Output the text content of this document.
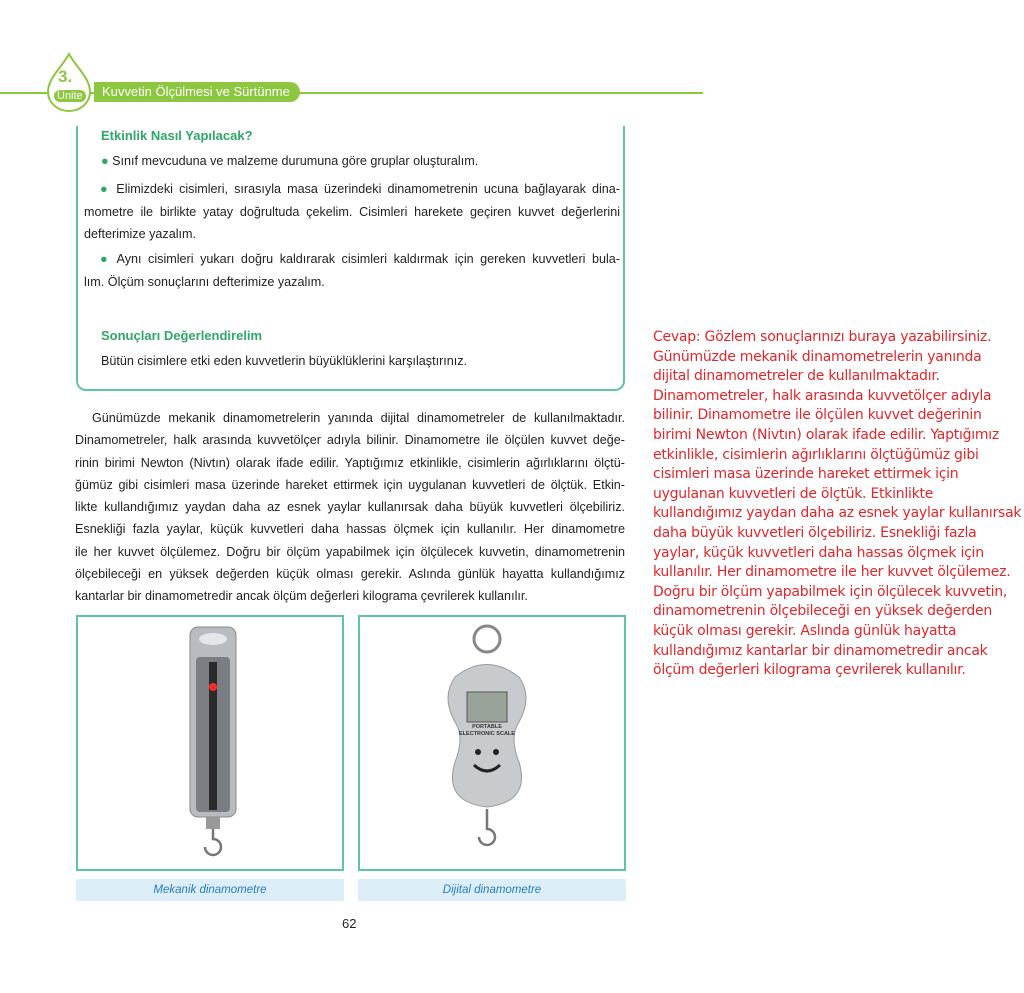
3.
Ünite	Kuvvetin Ölçülmesi ve Sürtünme
Etkinlik Nasıl Yapılacak?
● Sınıf mevcuduna ve malzeme durumuna göre gruplar oluşturalım.
● Elimizdeki cisimleri, sırasıyla masa üzerindeki dinamometrenin ucuna bağlayarak dina-
mometre ile birlikte yatay doğrultuda çekelim. Cisimleri harekete geçiren kuvvet değerlerini
defterimize yazalım.
● Aynı cisimleri yukarı doğru kaldırarak cisimleri kaldırmak için gereken kuvvetleri bula-
lım. Ölçüm sonuçlarını defterimize yazalım.
Sonuçları Değerlendirelim
Bütün cisimlere etki eden kuvvetlerin büyüklüklerini karşılaştırınız.
Günümüzde mekanik dinamometrelerin yanında dijital dinamometreler de kullanılmaktadır.
Dinamometreler, halk arasında kuvvetölçer adıyla bilinir. Dinamometre ile ölçülen kuvvet değe-
rinin birimi Newton (Nivtın) olarak ifade edilir. Yaptığımız etkinlikle, cisimlerin ağırlıklarını ölçtü-
ğümüz gibi cisimleri masa üzerinde hareket ettirmek için uygulanan kuvvetleri de ölçtük. Etkin-
likte kullandığımız yaydan daha az esnek yaylar kullanırsak daha büyük kuvvetleri ölçebiliriz.
Esnekliği fazla yaylar, küçük kuvvetleri daha hassas ölçmek için kullanılır. Her dinamometre
ile her kuvvet ölçülemez. Doğru bir ölçüm yapabilmek için ölçülecek kuvvetin, dinamometrenin
ölçebileceği en yüksek değerden küçük olması gerekir. Aslında günlük hayatta kullandığımız
kantarlar bir dinamometredir ancak ölçüm değerleri kilograma çevrilerek kullanılır.
PORTABLE ELECTRONIC SCALE
Mekanik dinamometre	Dijital dinamometre
62
Cevap: Gözlem sonuçlarınızı buraya yazabilirsiniz.
Günümüzde mekanik dinamometrelerin yanında
dijital dinamometreler de kullanılmaktadır.
Dinamometreler, halk arasında kuvvetölçer adıyla
bilinir. Dinamometre ile ölçülen kuvvet değerinin
birimi Newton (Nivtın) olarak ifade edilir. Yaptığımız
etkinlikle, cisimlerin ağırlıklarını ölçtüğümüz gibi
cisimleri masa üzerinde hareket ettirmek için
uygulanan kuvvetleri de ölçtük. Etkinlikte
kullandığımız yaydan daha az esnek yaylar kullanırsak
daha büyük kuvvetleri ölçebiliriz. Esnekliği fazla
yaylar, küçük kuvvetleri daha hassas ölçmek için
kullanılır. Her dinamometre ile her kuvvet ölçülemez.
Doğru bir ölçüm yapabilmek için ölçülecek kuvvetin,
dinamometrenin ölçebileceği en yüksek değerden
küçük olması gerekir. Aslında günlük hayatta
kullandığımız kantarlar bir dinamometredir ancak
ölçüm değerleri kilograma çevrilerek kullanılır.
